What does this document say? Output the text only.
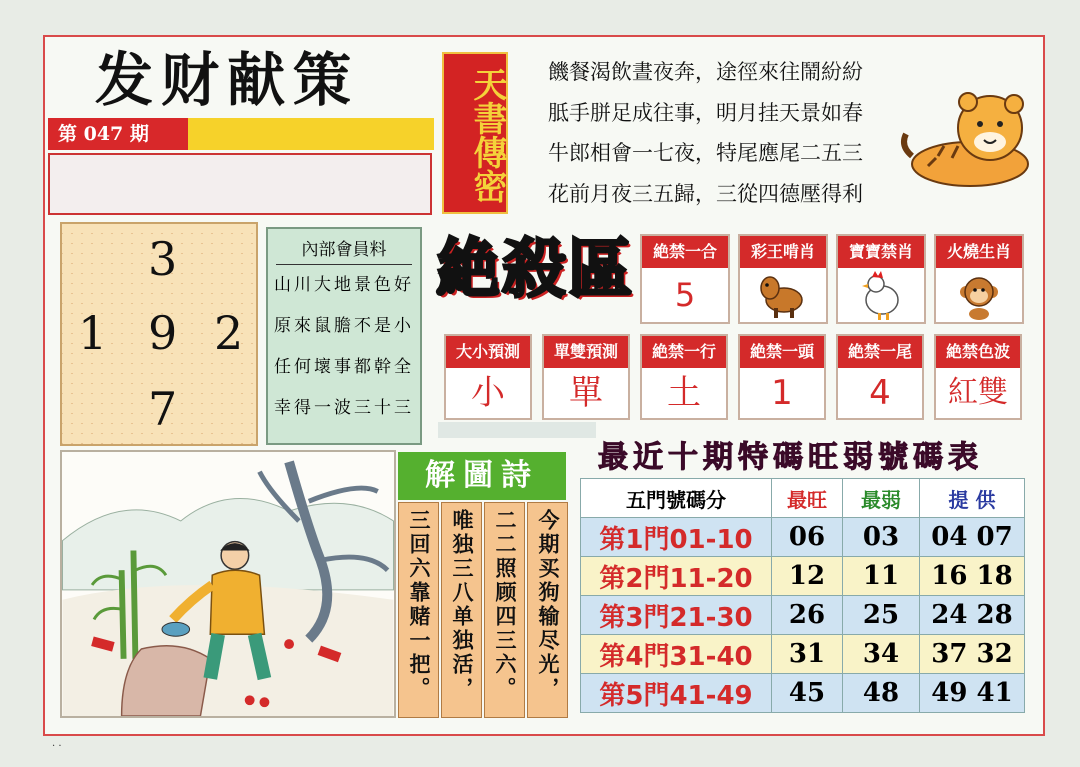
发财献策
第 047 期	天書傳密 饑餐渴飲晝夜奔，途徑來往鬧紛紛
胝手胼足成往事，明月挂天景如春
牛郎相會一七夜，特尾應尾二五三
花前月夜三五歸，三從四德壓得利
3
1 9 2
7
內部會員料
山川大地景色好
原來鼠膽不是小
任何壞事都幹全
幸得一波三十三
絶殺區	絶禁一合
5
彩王啃肖	寶寶禁肖	火燒生肖
大小預測
小
單雙預測
單
絶禁一行
土
絶禁一頭
1
絶禁一尾
4
絶禁色波
紅雙
解圖詩
三回六靠赌一把。 唯独三八单独活， 二二照顾四三六。 今期买狗输尽光，
最近十期特碼旺弱號碼表
五門號碼分	最旺	最弱	提 供
第1門01-10	06	03	04 07
第2門11-20	12	11	16 18
第3門21-30	26	25	24 28
第4門31-40	31	34	37 32
第5門41-49	45	48	49 41
. .
